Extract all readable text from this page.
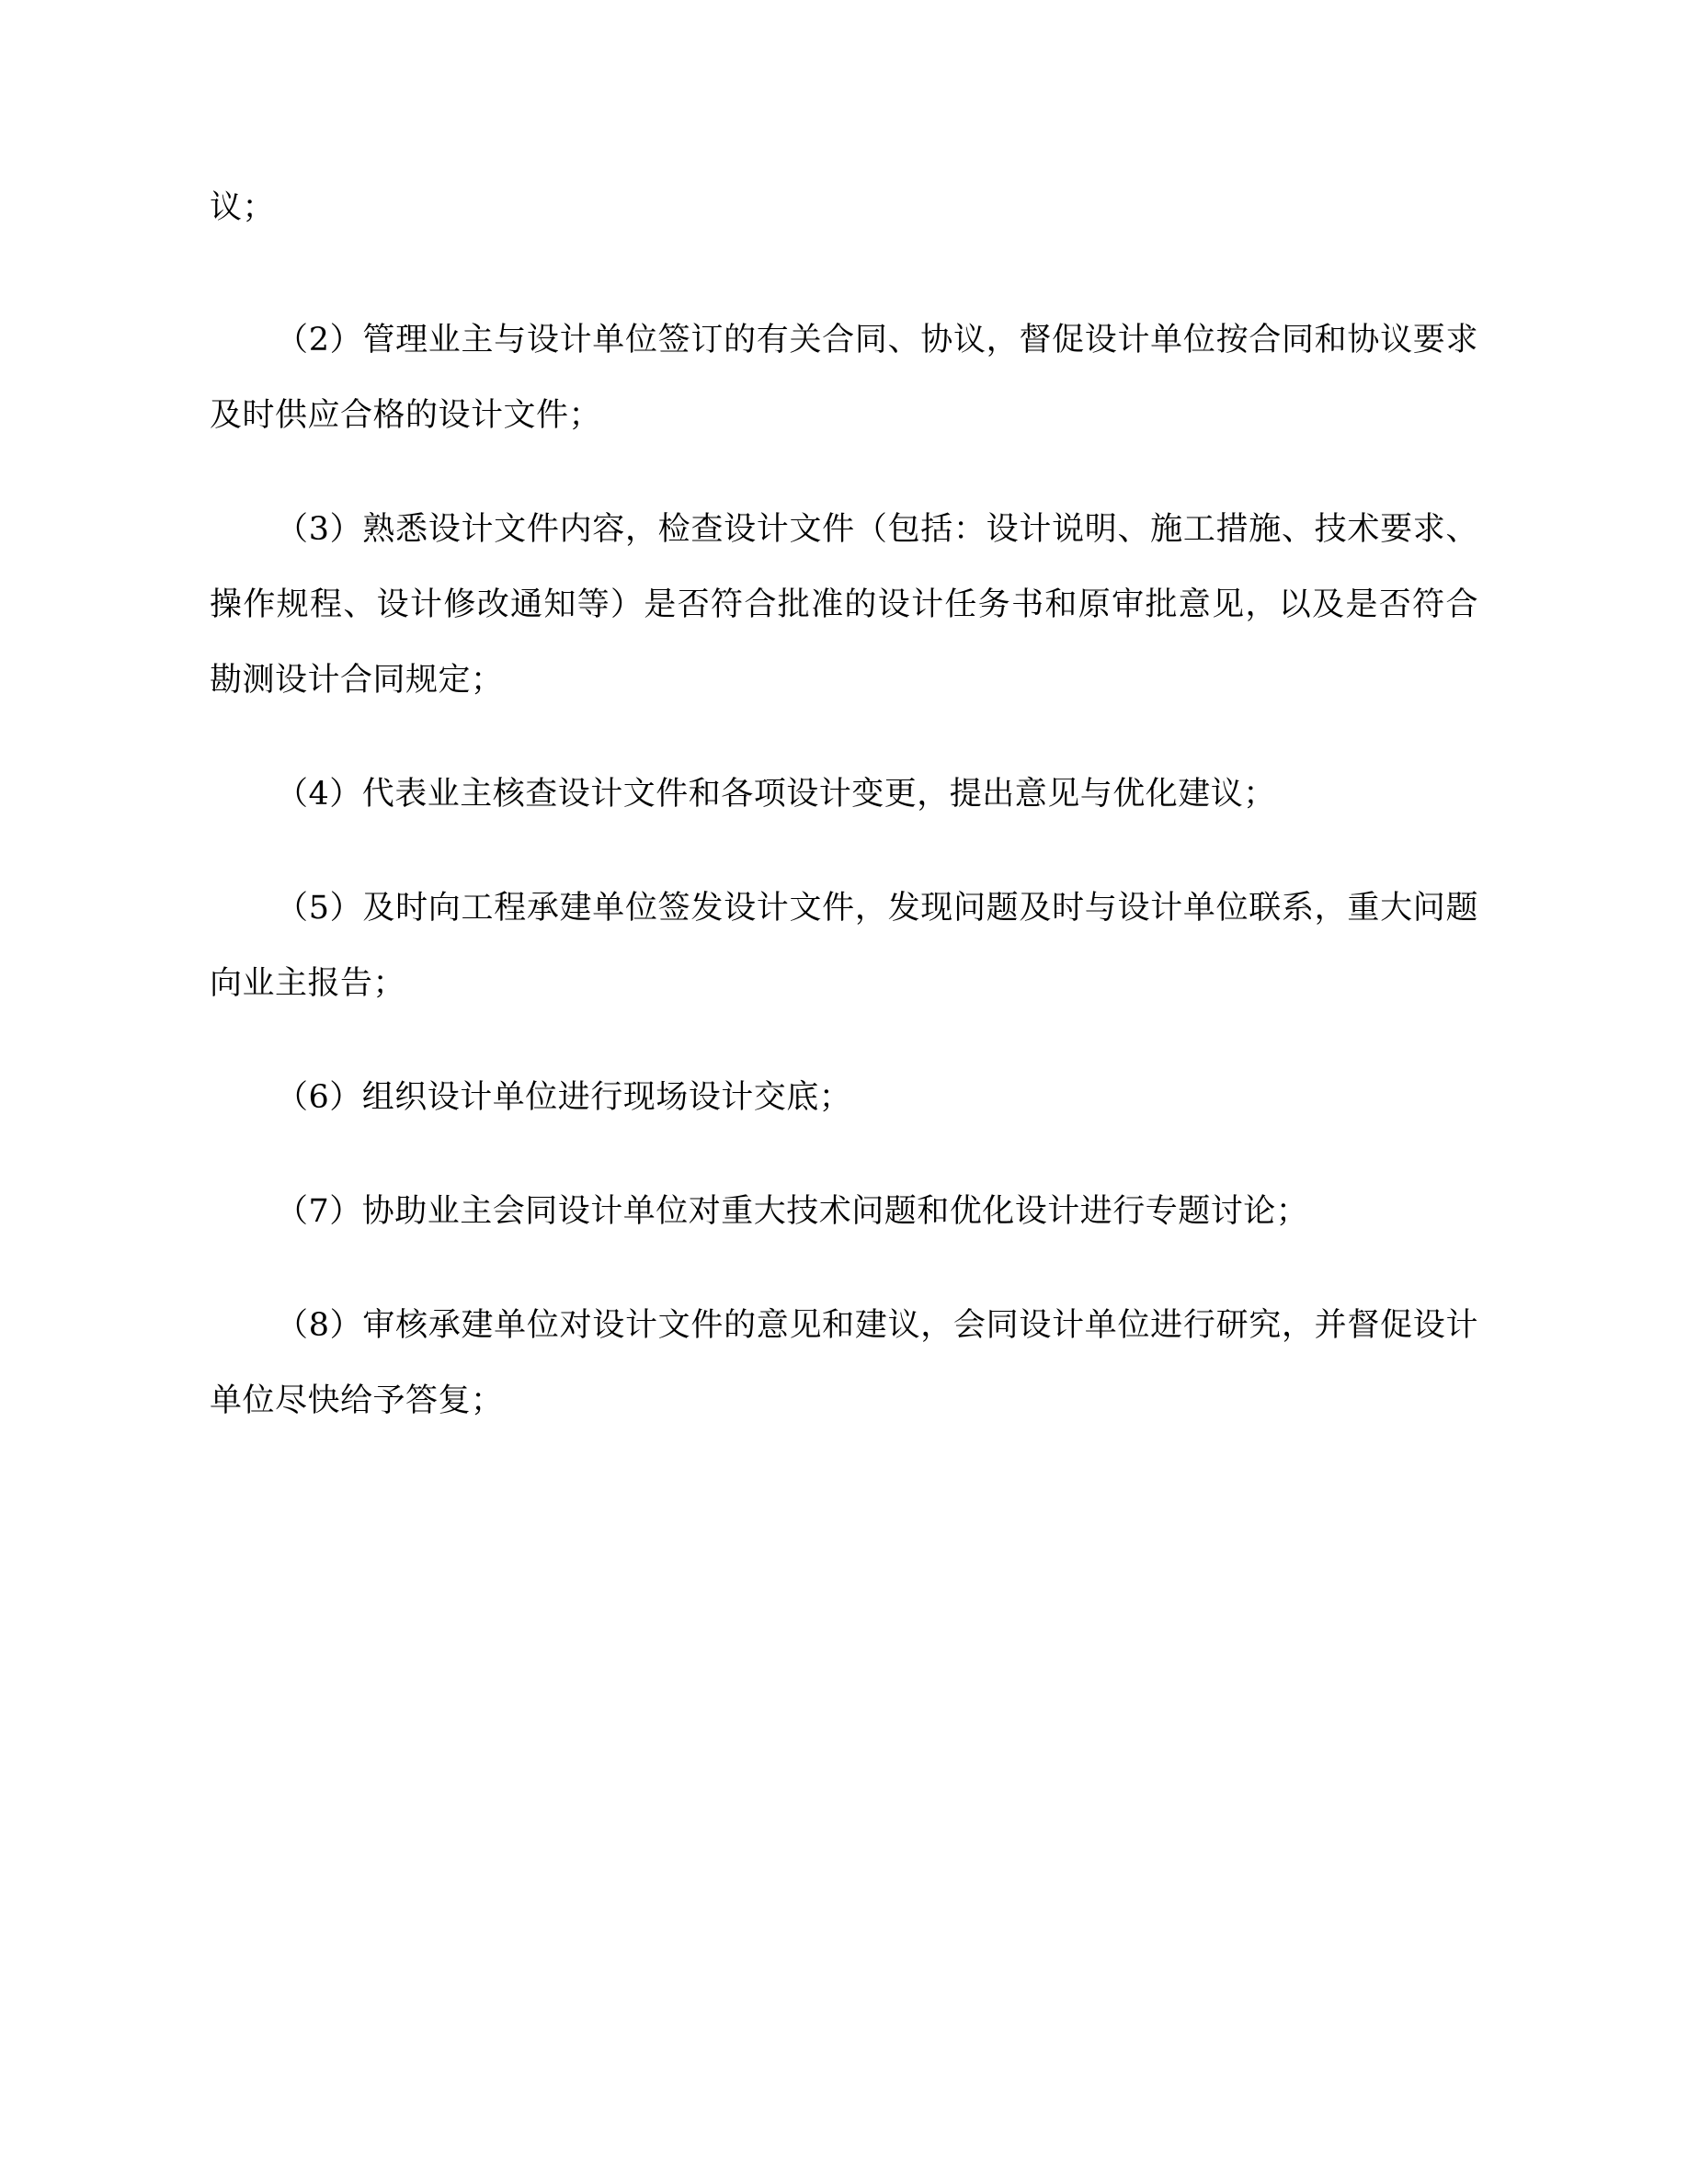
议；

（2）管理业主与设计单位签订的有关合同、协议，督促设计单位按合同和协议要求及时供应合格的设计文件；

（3）熟悉设计文件内容，检查设计文件（包括：设计说明、施工措施、技术要求、操作规程、设计修改通知等）是否符合批准的设计任务书和原审批意见，以及是否符合勘测设计合同规定；

（4）代表业主核查设计文件和各项设计变更，提出意见与优化建议；

（5）及时向工程承建单位签发设计文件，发现问题及时与设计单位联系，重大问题向业主报告；

（6）组织设计单位进行现场设计交底；

（7）协助业主会同设计单位对重大技术问题和优化设计进行专题讨论；

（8）审核承建单位对设计文件的意见和建议，会同设计单位进行研究，并督促设计单位尽快给予答复；
